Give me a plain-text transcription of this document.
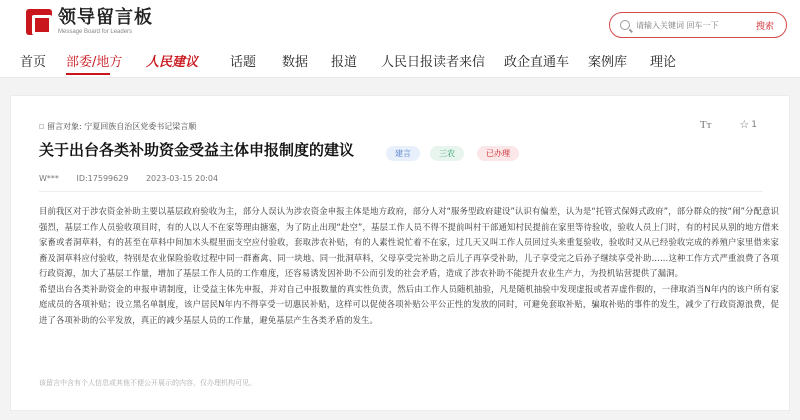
领导留言板
Message Board for Leaders
请输入关键词 回车一下
搜索
首页 部委/地方 人民建议 话题 数据 报道 人民日报读者来信 政企直通车 案例库 理论
留言对象: 宁夏回族自治区党委书记梁言顺	Tт	☆ 1
关于出台各类补助资金受益主体申报制度的建议	建言	三农	已办理
W*** ID:17599629 2023-03-15 20:04

目前我区对于涉农资金补助主要以基层政府验收为主，部分人误认为涉农资金申报主体是地方政府，部分人对“服务型政府建设”认识有偏差，认为是“托管式保姆式政府”，部分群众的按“闹”分配意识强烈，基层工作人员验收项目时，有的人以人不在家等理由搪塞，为了防止出现“赴空”，基层工作人员不得不提前叫村干部通知村民提前在家里等待验收，验收人员上门时，有的村民从别的地方借来家畜或者洞草料，有的甚至在草料中间加木头棍里面支空应付验收，套取涉农补贴，有的人素性说忙着不在家，过几天又叫工作人员回过头来重复验收，验收时又从已经验收完成的养殖户家里借来家畜及洞草料应付验收，特别是农业保险验收过程中同一群畜禽、同一块地、同一批洞草料，父母享受完补助之后儿子再享受补助，儿子享受完之后孙子继续享受补助……这种工作方式严重浪费了各项行政资源，加大了基层工作量，增加了基层工作人员的工作难度，还容易诱发因补助不公而引发的社会矛盾，造成了涉农补助不能提升农业生产力，为投机钻营提供了漏洞。

希望出台各类补助资金的申报申请制度，让受益主体先申报，并对自己申报数量的真实性负责，然后由工作人员随机抽验，凡是随机抽验中发现虚报或者弄虚作假的，一律取消当N年内的该户所有家庭成员的各项补贴；设立黑名单制度，该户居民N年内不得享受一切惠民补贴，这样可以促使各项补贴公平公正性的发放的同时，可避免套取补贴，骗取补贴的事件的发生，减少了行政资源浪费，促进了各项补助的公平发放，真正的减少基层人员的工作量，避免基层产生各类矛盾的发生。

该留言中含有个人信息或其他不便公开展示的内容，仅办理机构可见。
